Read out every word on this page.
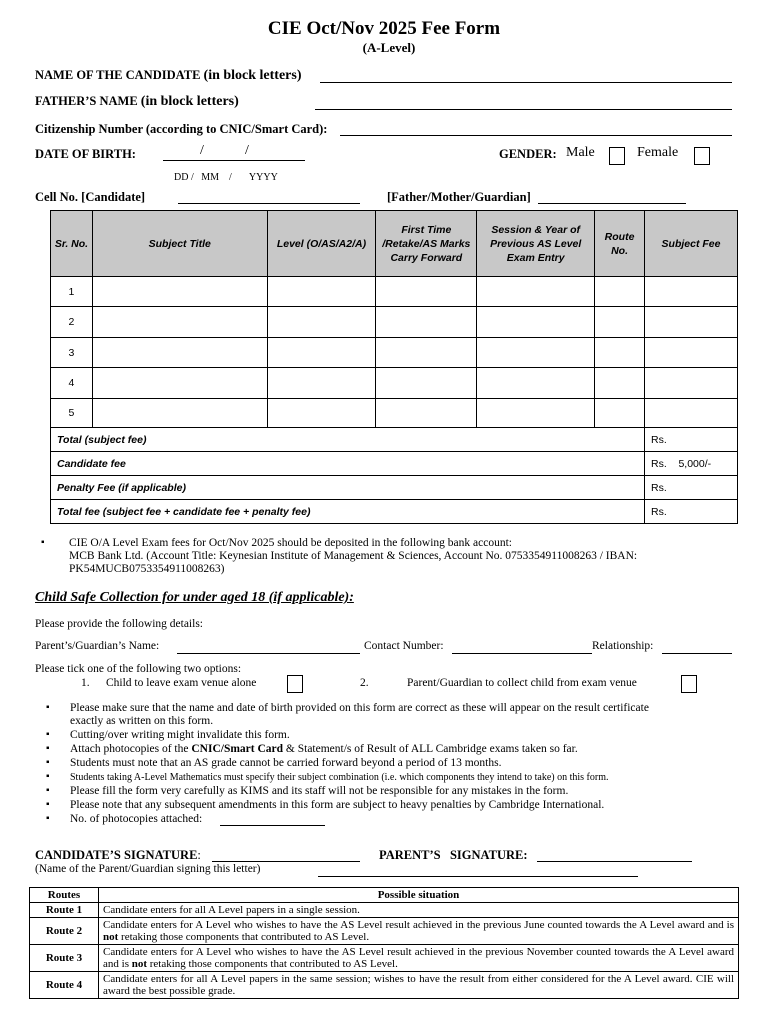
CIE Oct/Nov 2025 Fee Form
(A-Level)
NAME OF THE CANDIDATE (in block letters)
FATHER’S NAME (in block letters)
Citizenship Number (according to CNIC/Smart Card):
DATE OF BIRTH:	/	/
DD /   MM    /       YYYY
GENDER: Male	Female
Cell No. [Candidate]	[Father/Mother/Guardian]
Sr. No.	Subject Title	Level (O/AS/A2/A)	First Time /Retake/AS Marks Carry Forward	Session & Year of Previous AS Level Exam Entry	Route No.	Subject Fee
1						
2						
3						
4						
5						
Total (subject fee)						Rs.
Candidate fee						Rs. 5,000/-
Penalty Fee (if applicable)						Rs.
Total fee (subject fee + candidate fee + penalty fee)						Rs.
▪ CIE O/A Level Exam fees for Oct/Nov 2025 should be deposited in the following bank account:
MCB Bank Ltd. (Account Title: Keynesian Institute of Management & Sciences, Account No. 0753354911008263 / IBAN:
PK54MUCB0753354911008263)
Child Safe Collection for under aged 18 (if applicable):
Please provide the following details:
Parent’s/Guardian’s Name:	Contact Number:	Relationship:
Please tick one of the following two options:
1. Child to leave exam venue alone	2.	Parent/Guardian to collect child from exam venue
▪ Please make sure that the name and date of birth provided on this form are correct as these will appear on the result certificate
exactly as written on this form.
▪ Cutting/over writing might invalidate this form.
▪ Attach photocopies of the CNIC/Smart Card & Statement/s of Result of ALL Cambridge exams taken so far.
▪ Students must note that an AS grade cannot be carried forward beyond a period of 13 months.
▪ Students taking A-Level Mathematics must specify their subject combination (i.e. which components they intend to take) on this form.
▪ Please fill the form very carefully as KIMS and its staff will not be responsible for any mistakes in the form.
▪ Please note that any subsequent amendments in this form are subject to heavy penalties by Cambridge International.
▪ No. of photocopies attached:
CANDIDATE’S SIGNATURE:	PARENT’S   SIGNATURE:
(Name of the Parent/Guardian signing this letter)
Routes	Possible situation
Route 1	Candidate enters for all A Level papers in a single session.
Route 2	Candidate enters for A Level who wishes to have the AS Level result achieved in the previous June counted towards the A Level award and is not retaking those components that contributed to AS Level.
Route 3	Candidate enters for A Level who wishes to have the AS Level result achieved in the previous November counted towards the A Level award and is not retaking those components that contributed to AS Level.
Route 4	Candidate enters for all A Level papers in the same session; wishes to have the result from either considered for the A Level award. CIE will award the best possible grade.
